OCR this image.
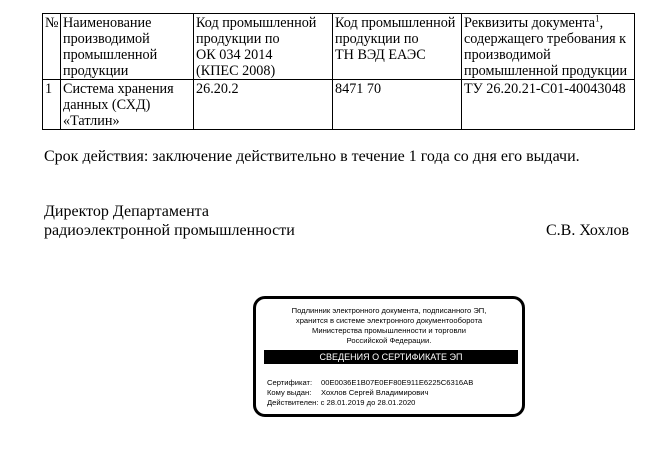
№	Наименование производимой промышленной продукции	Код промышленной продукции по
ОК 034 2014
(КПЕС 2008)	Код промышленной продукции по
ТН ВЭД ЕАЭС	Реквизиты документа$^1$, содержащего требования к производимой промышленной продукции
1	Система хранения данных (СХД) «Татлин»	26.20.2	8471 70	ТУ 26.20.21-С01-40043048
Срок действия: заключение действительно в течение 1 года со дня его выдачи.
Директор Департамента
радиоэлектронной промышленности	С.В. Хохлов
Подлинник электронного документа, подписанного ЭП,
хранится в системе электронного документооборота
Министерства промышленности и торговли
Российской Федерации.
СВЕДЕНИЯ О СЕРТИФИКАТЕ ЭП
Сертификат: 00E0036E1B07E0EF80E911E6225C6316AB
Кому выдан: Хохлов Сергей Владимирович
Действителен: с 28.01.2019 до 28.01.2020
